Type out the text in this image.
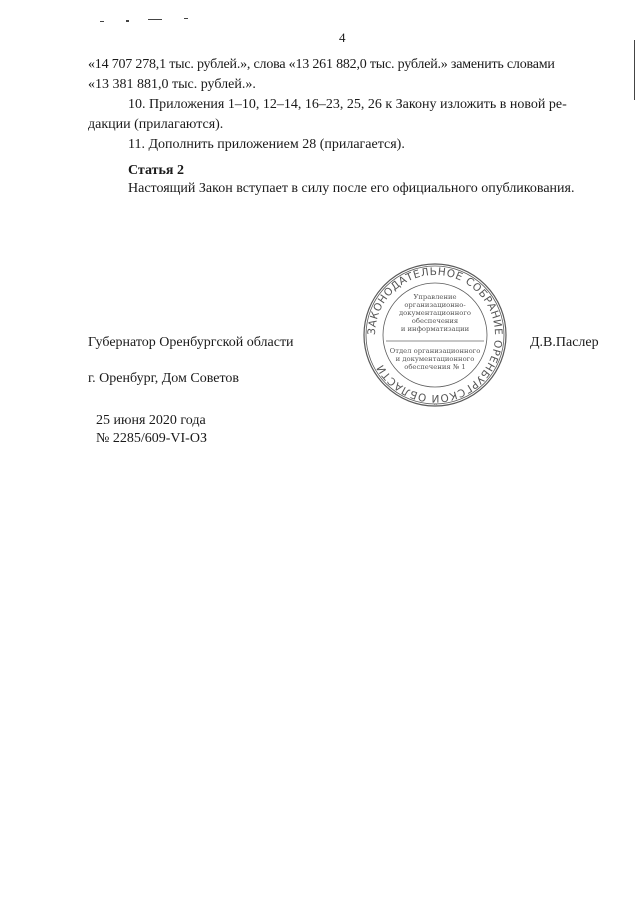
4
«14 707 278,1 тыс. рублей.», слова «13 261 882,0 тыс. рублей.» заменить словами
«13 381 881,0 тыс. рублей.».
10. Приложения 1–10, 12–14, 16–23, 25, 26 к Закону изложить в новой ре-
дакции (прилагаются).
11. Дополнить приложением 28 (прилагается).
Статья 2
Настоящий Закон вступает в силу после его официального опубликования.
Губернатор Оренбургской области	Д.В.Паслер
г. Оренбург, Дом Советов
25 июня 2020 года
№ 2285/609-VI-ОЗ
ЗАКОНОДАТЕЛЬНОЕ СОБРАНИЕ ОРЕНБУРГСКОЙ ОБЛАСТИ
Управление
организационно-
документационного
обеспечения
и информатизации
Отдел организационного
и документационного
обеспечения № 1
